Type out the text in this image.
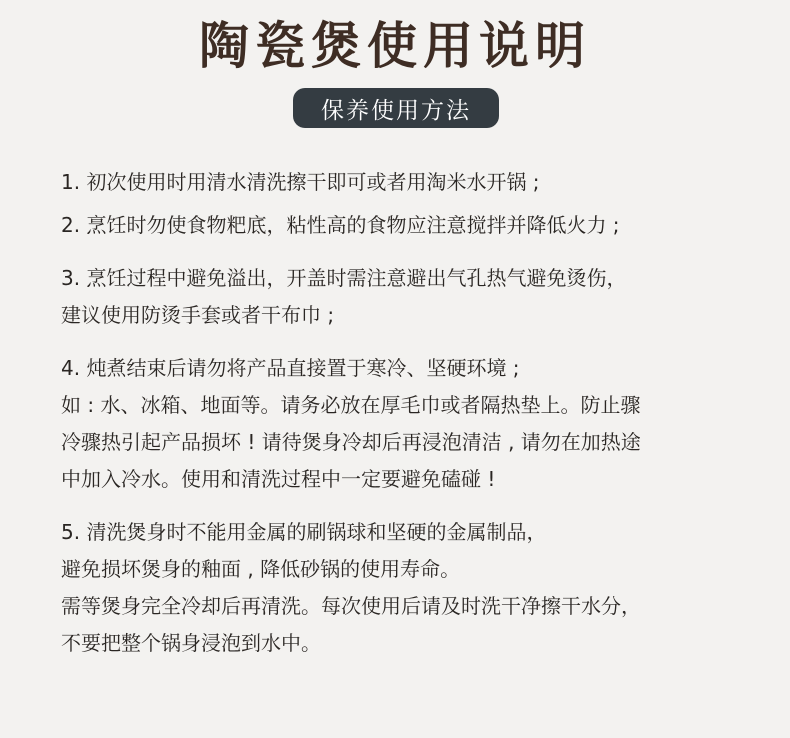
陶瓷煲使用说明
保养使用方法
1. 初次使用时用清水清洗擦干即可或者用淘米水开锅 ;
2. 烹饪时勿使食物粑底，粘性高的食物应注意搅拌并降低火力 ;
3. 烹饪过程中避免溢出，开盖时需注意避出气孔热气避免烫伤，
建议使用防烫手套或者干布巾 ;
4. 炖煮结束后请勿将产品直接置于寒冷、坚硬环境 ;
如 : 水、冰箱、地面等。请务必放在厚毛巾或者隔热垫上。防止骤
冷骤热引起产品损坏 ! 请待煲身冷却后再浸泡清洁 , 请勿在加热途
中加入冷水。使用和清洗过程中一定要避免磕碰 !
5. 清洗煲身时不能用金属的刷锅球和坚硬的金属制品，
避免损坏煲身的釉面 , 降低砂锅的使用寿命。
需等煲身完全冷却后再清洗。每次使用后请及时洗干净擦干水分，
不要把整个锅身浸泡到水中。
